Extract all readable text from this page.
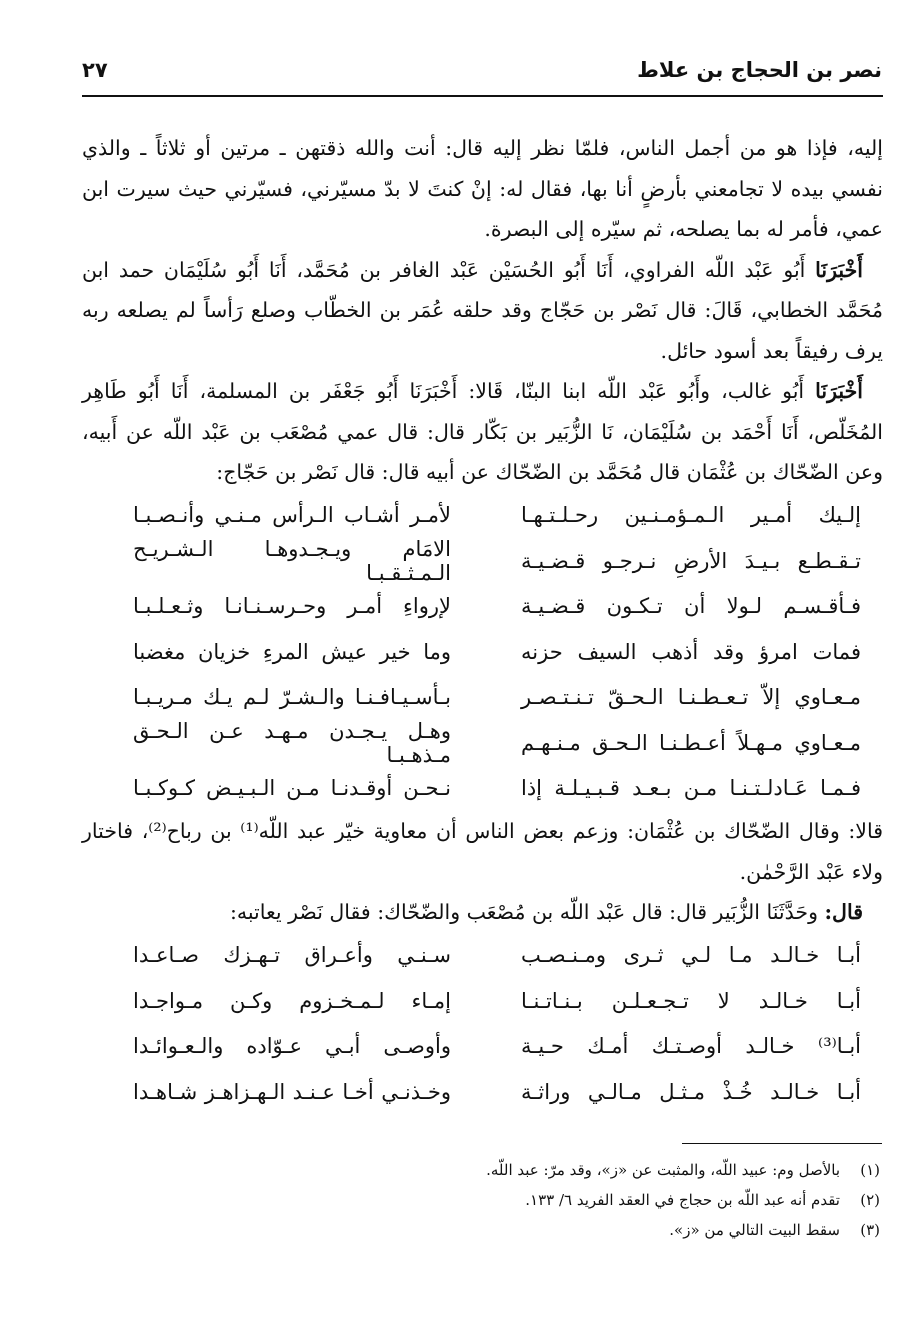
نصر بن الحجاج بن علاط
٢٧

إليه، فإذا هو من أجمل الناس، فلمّا نظر إليه قال: أنت والله ذقتهن ـ مرتين أو ثلاثاً ـ والذي نفسي بيده لا تجامعني بأرضٍ أنا بها، فقال له: إنْ كنتَ لا بدّ مسيّرني، فسيّرني حيث سيرت ابن عمي، فأمر له بما يصلحه، ثم سيّره إلى البصرة.

أَخْبَرَنَا أَبُو عَبْد اللّه الفراوي، أَنَا أَبُو الحُسَيْن عَبْد الغافر بن مُحَمَّد، أَنَا أَبُو سُلَيْمَان حمد ابن مُحَمَّد الخطابي، قَالَ: قال نَصْر بن حَجّاج وقد حلقه عُمَر بن الخطّاب وصلع رَأساً لم يصلعه ربه يرف رفيقاً بعد أسود حائل.

أَخْبَرَنَا أَبُو غالب، وأَبُو عَبْد اللّه ابنا البنّا، قَالا: أَخْبَرَنَا أَبُو جَعْفَر بن المسلمة، أَنَا أَبُو طَاهِر المُخَلّص، أَنَا أَحْمَد بن سُلَيْمَان، نَا الزُّبَير بن بَكّار قال: قال عمي مُصْعَب بن عَبْد اللّه عن أَبيه، وعن الضّحّاك بن عُثْمَان قال مُحَمَّد بن الضّحّاك عن أبيه قال: قال نَصْر بن حَجّاج:

إلـيك أمـير الـمـؤمـنـين رحـلـتـهـا
لأمـر أشـاب الـرأس مـنـي وأنـصـبـا
تـقـطـع بـيـدَ الأرضِ نـرجـو قـضـيـة
الامَام ويـجـدوهـا الـشـريـح الـمـثـقـبـا
فـأقـسـم لـولا أن تـكـون قـضـيـة
لإرواءِ أمـر وحـرسـنـانـا وثـعـلـبـا
فمات امرؤ وقد أذهب السيف حزنه
وما خير عيش المرءِ خزيان مغضبا
مـعـاوي إلاّ تـعـطـنـا الـحـقّ تـنـتـصـر
بـأسـيـافـنـا والـشـرّ لـم يـك مـريـبـا
مـعـاوي مـهـلاً أعـطـنـا الـحـق مـنـهـم
وهـل يـجـدن مـهـد عـن الـحـق مـذهـبـا
فـمـا عَـادلـتـنـا مـن بـعـد قـبـيـلـة إذا
نـحـن أوقـدنـا مـن الـبـيـض كـوكـبـا

قالا: وقال الضّحّاك بن عُثْمَان: وزعم بعض الناس أن معاوية خيّر عبد اللّه⁽¹⁾ بن رباح⁽²⁾، فاختار ولاء عَبْد الرَّحْمٰن.

قال: وحَدَّثَنَا الزُّبَير قال: قال عَبْد اللّه بن مُصْعَب والضّحّاك: فقال نَصْر يعاتبه:

أبـا خـالـد مـا لـي ثـرى ومـنـصـب
سـنـي وأعـراق تـهـزك صـاعـدا
أبـا خـالـد لا تـجـعـلـن بـنـاتـنـا
إمـاء لـمـخـزوم وكـن مـواجـدا
أبـا⁽³⁾ خـالـد أوصـتـك أمـك حـيـة
وأوصـى أبـي عـوّاده والـعـوائـدا
أبـا خـالـد خُـذْ مـثـل مـالـي وراثـة
وخـذنـي أخـا عـنـد الـهـزاهـز شـاهـدا
(١)
بالأصل وم: عبيد اللّه، والمثبت عن «ز»، وقد مرّ: عبد اللّه.
(٢)
تقدم أنه عبد اللّه بن حجاج في العقد الفريد ٦/ ١٣٣.
(٣)
سقط البيت التالي من «ز».
